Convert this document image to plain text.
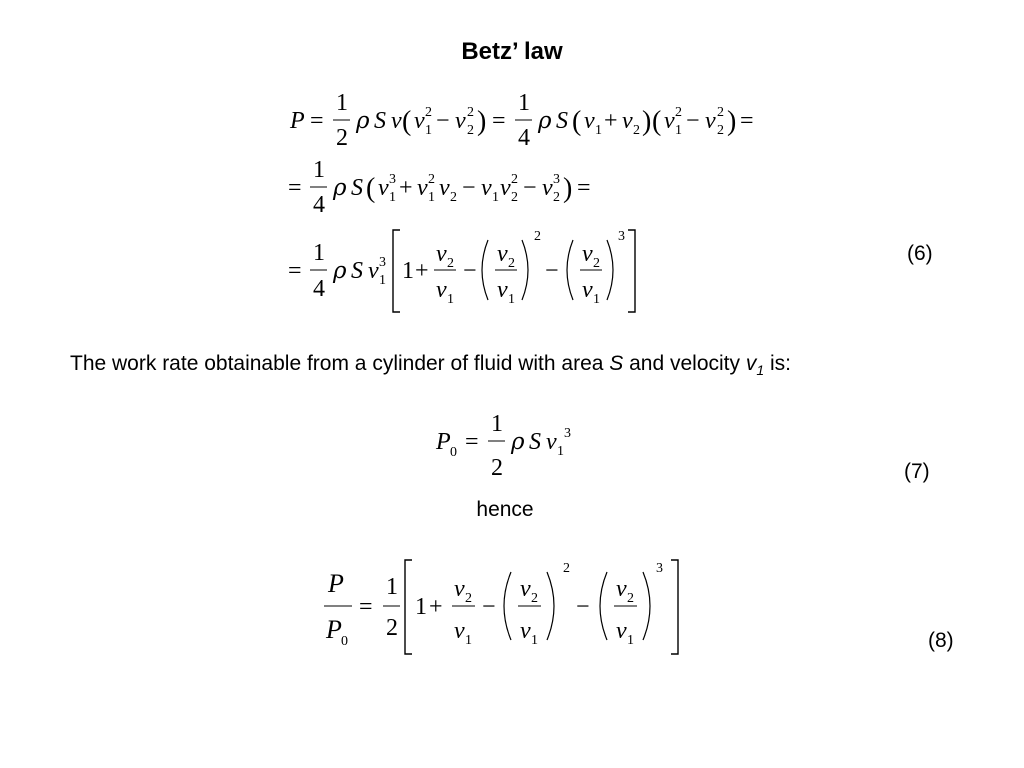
Betz’ law
P =
1
2
ρ S v ( v 1
2 − v 2
2 ) =
1
4
ρ S ( v 1 + v 2 ) ( v 1
2 − v 2
2 ) =
=
1
4
ρ S ( v 1
3 + v 1
2 v 2 − v 1 v 2
2 − v 2
3 ) =
=
1
4
ρ S v 1
3 1 +
v 2
v 1
−
v 2
v 1
2
−
v 2
v 1
3
(6)
The work rate obtainable from a cylinder of fluid with area S and velocity $v_1$ is:
P 0 =
1
2
ρ S v 1
3
(7)
hence
P
P 0
=
1
2
1 +
v 2
v 1
−
v 2
v 1
2
−
v 2
v 1
3
(8)
